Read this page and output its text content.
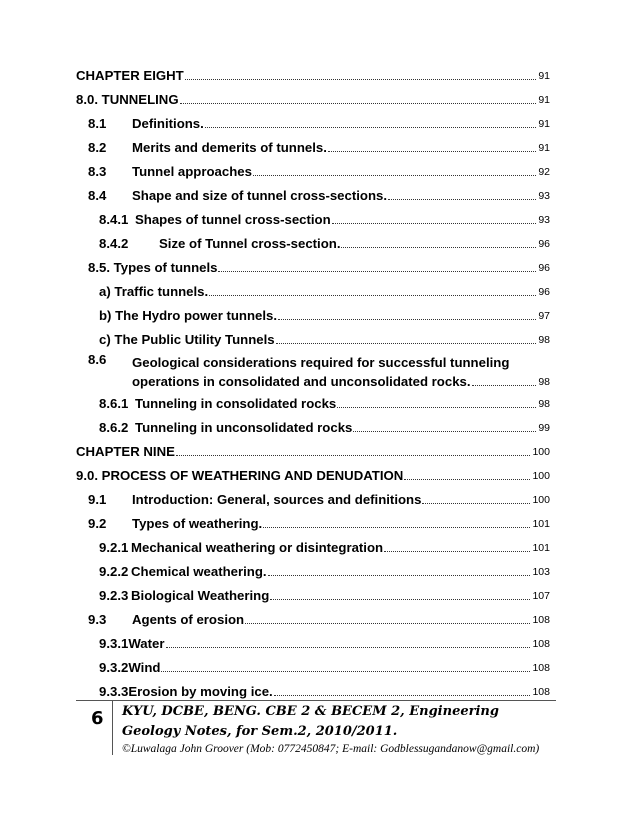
CHAPTER EIGHT	91
8.0. TUNNELING	91
8.1	Definitions.	91
8.2	Merits and demerits of tunnels.	91
8.3	Tunnel approaches	92
8.4	Shape and size of tunnel cross-sections.	93
8.4.1 Shapes of tunnel cross-section	93
8.4.2	Size of Tunnel cross-section.	96
8.5. Types of tunnels	96
a) Traffic tunnels.	96
b) The Hydro power tunnels.	97
c) The Public Utility Tunnels	98
8.6	Geological considerations required for successful tunneling
operations in consolidated and unconsolidated rocks.	98
8.6.1 Tunneling in consolidated rocks	98
8.6.2 Tunneling in unconsolidated rocks	99
CHAPTER NINE	100
9.0. PROCESS OF WEATHERING AND DENUDATION	100
9.1	Introduction: General, sources and definitions	100
9.2	Types of weathering.	101
9.2.1 Mechanical weathering or disintegration	101
9.2.2 Chemical weathering.	103
9.2.3 Biological Weathering	107
9.3	Agents of erosion	108
9.3.1 Water	108
9.3.2 Wind	108
9.3.3 Erosion by moving ice.	108
6 KYU, DCBE, BENG. CBE 2 & BECEM 2, Engineering Geology Notes, for Sem.2, 2010/2011.
©Luwalaga John Groover (Mob: 0772450847; E-mail: Godblessugandanow@gmail.com)
